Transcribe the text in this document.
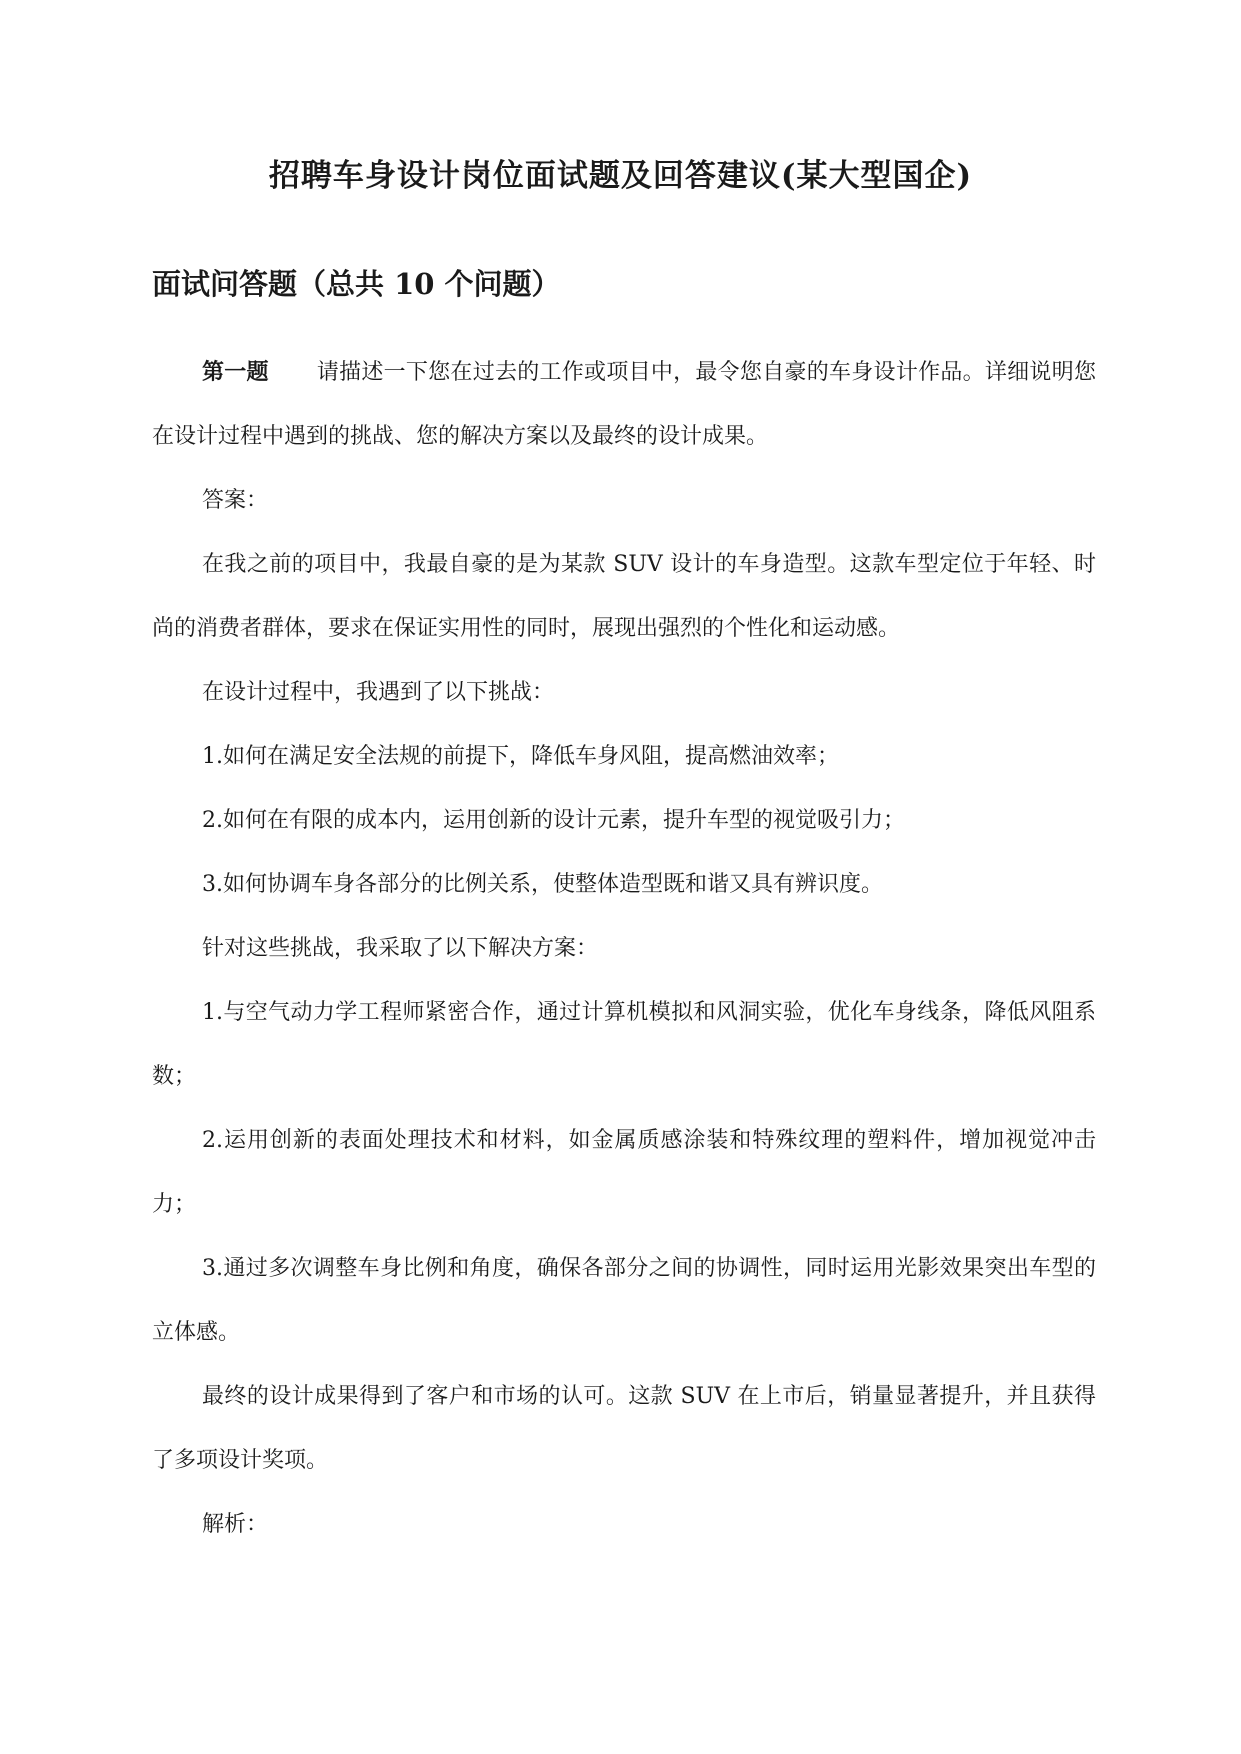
招聘车身设计岗位面试题及回答建议(某大型国企)
面试问答题（总共 10 个问题）

第一题 请描述一下您在过去的工作或项目中，最令您自豪的车身设计作品。详细说明您在设计过程中遇到的挑战、您的解决方案以及最终的设计成果。

答案：

在我之前的项目中，我最自豪的是为某款 SUV 设计的车身造型。这款车型定位于年轻、时尚的消费者群体，要求在保证实用性的同时，展现出强烈的个性化和运动感。

在设计过程中，我遇到了以下挑战：

1.如何在满足安全法规的前提下，降低车身风阻，提高燃油效率；

2.如何在有限的成本内，运用创新的设计元素，提升车型的视觉吸引力；

3.如何协调车身各部分的比例关系，使整体造型既和谐又具有辨识度。

针对这些挑战，我采取了以下解决方案：

1.与空气动力学工程师紧密合作，通过计算机模拟和风洞实验，优化车身线条，降低风阻系数；

2.运用创新的表面处理技术和材料，如金属质感涂装和特殊纹理的塑料件，增加视觉冲击力；

3.通过多次调整车身比例和角度，确保各部分之间的协调性，同时运用光影效果突出车型的立体感。

最终的设计成果得到了客户和市场的认可。这款 SUV 在上市后，销量显著提升，并且获得了多项设计奖项。

解析：
